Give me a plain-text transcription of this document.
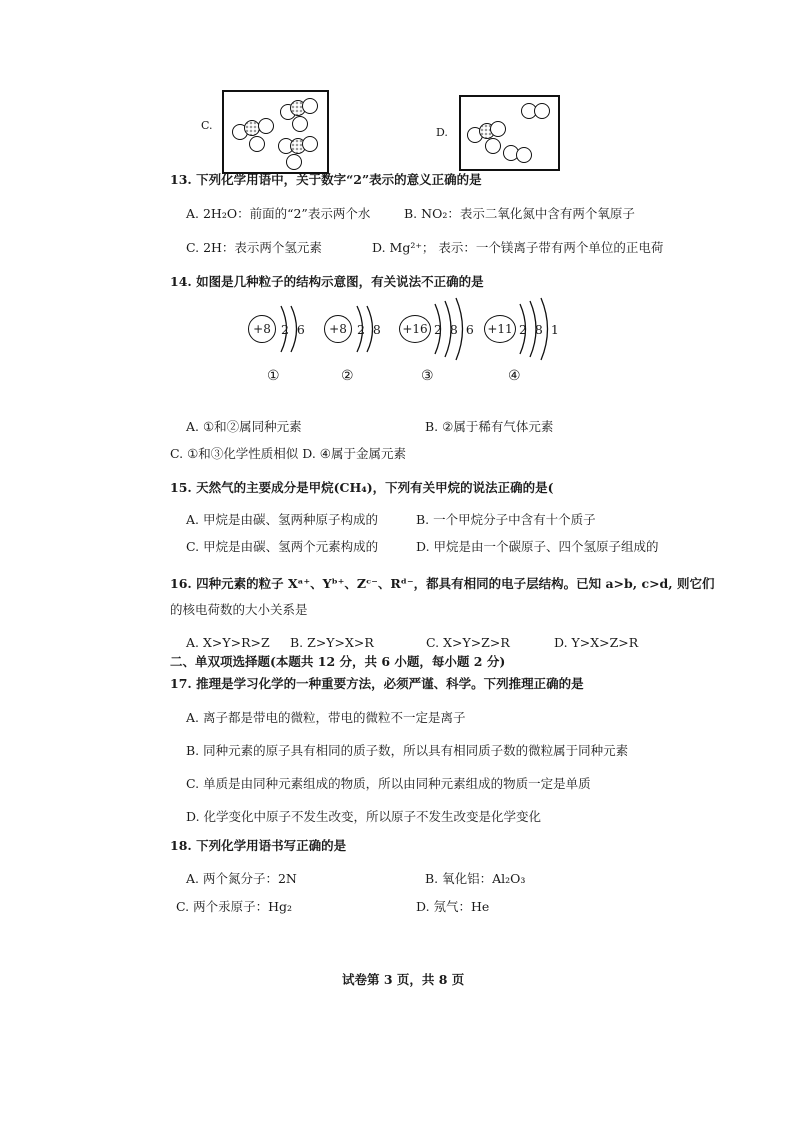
C.
D.
13. 下列化学用语中，关于数字“2”表示的意义正确的是
A. 2H₂O：前面的“2”表示两个水	B. NO₂：表示二氧化氮中含有两个氧原子
C. 2H：表示两个氢元素	D. Mg²⁺； 表示：一个镁离子带有两个单位的正电荷
14. 如图是几种粒子的结构示意图，有关说法不正确的是
+8 2 6
①
+8 2 8
②
+16 2 8 6
③
+11 2 8 1
④
A. ①和②属同种元素	B. ②属于稀有气体元素
C. ①和③化学性质相似 D. ④属于金属元素
15. 天然气的主要成分是甲烷(CH₄)，下列有关甲烷的说法正确的是(
A. 甲烷是由碳、氢两种原子构成的	B. 一个甲烷分子中含有十个质子
C. 甲烷是由碳、氢两个元素构成的	D. 甲烷是由一个碳原子、四个氢原子组成的
16. 四种元素的粒子 Xᵃ⁺、Yᵇ⁺、Zᶜ⁻、Rᵈ⁻，都具有相同的电子层结构。已知 a>b, c>d, 则它们
的核电荷数的大小关系是
A. X>Y>R>Z B. Z>Y>X>R	C. X>Y>Z>R	D. Y>X>Z>R
二、单双项选择题(本题共 12 分，共 6 小题，每小题 2 分)
17. 推理是学习化学的一种重要方法，必须严谨、科学。下列推理正确的是
A. 离子都是带电的微粒，带电的微粒不一定是离子
B. 同种元素的原子具有相同的质子数，所以具有相同质子数的微粒属于同种元素
C. 单质是由同种元素组成的物质，所以由同种元素组成的物质一定是单质
D. 化学变化中原子不发生改变，所以原子不发生改变是化学变化
18. 下列化学用语书写正确的是
A. 两个氮分子：2N	B. 氧化铝：Al₂O₃
C. 两个汞原子：Hg₂	D. 氖气：He
试卷第 3 页，共 8 页
